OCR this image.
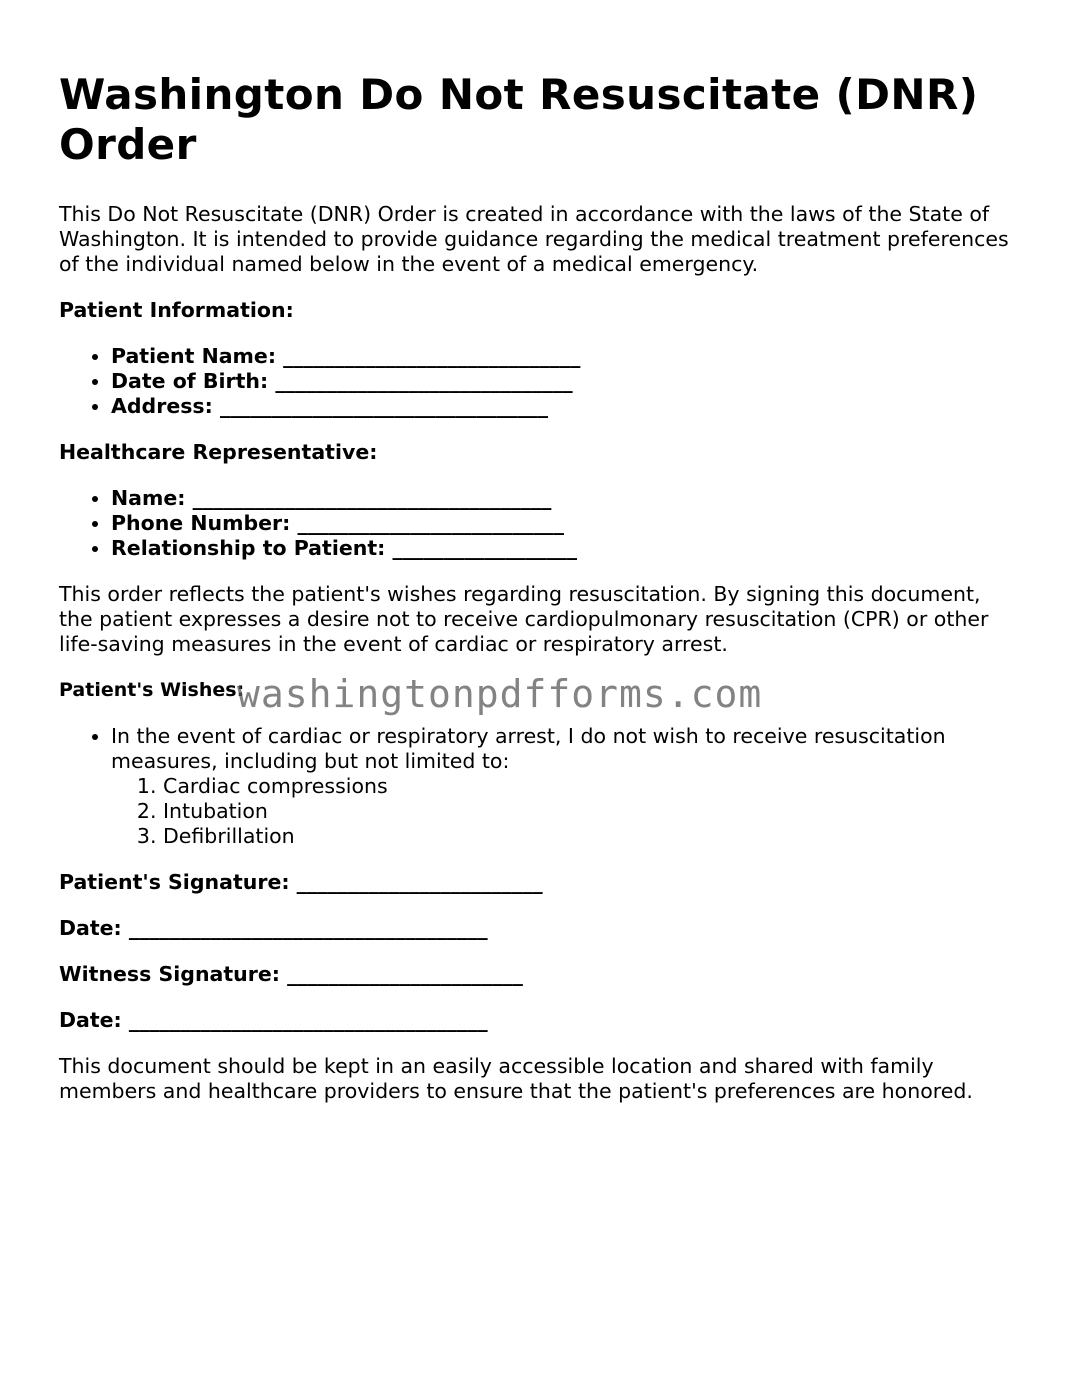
Washington Do Not Resuscitate (DNR) Order

This Do Not Resuscitate (DNR) Order is created in accordance with the laws of the State of Washington. It is intended to provide guidance regarding the medical treatment preferences of the individual named below in the event of a medical emergency.

Patient Information:
• Patient Name: _____________________________
• Date of Birth: _____________________________
• Address: ________________________________
Healthcare Representative:
• Name: ___________________________________
• Phone Number: __________________________
• Relationship to Patient: __________________

This order reflects the patient's wishes regarding resuscitation. By signing this document, the patient expresses a desire not to receive cardiopulmonary resuscitation (CPR) or other life-saving measures in the event of cardiac or respiratory arrest.

Patient's Wishes:
• In the event of cardiac or respiratory arrest, I do not wish to receive resuscitation measures, including but not limited to:
1. Cardiac compressions
2. Intubation
3. Defibrillation
Patient's Signature: ________________________
Date: ___________________________________
Witness Signature: _______________________
Date: ___________________________________

This document should be kept in an easily accessible location and shared with family members and healthcare providers to ensure that the patient's preferences are honored.

washingtonpdfforms.com
